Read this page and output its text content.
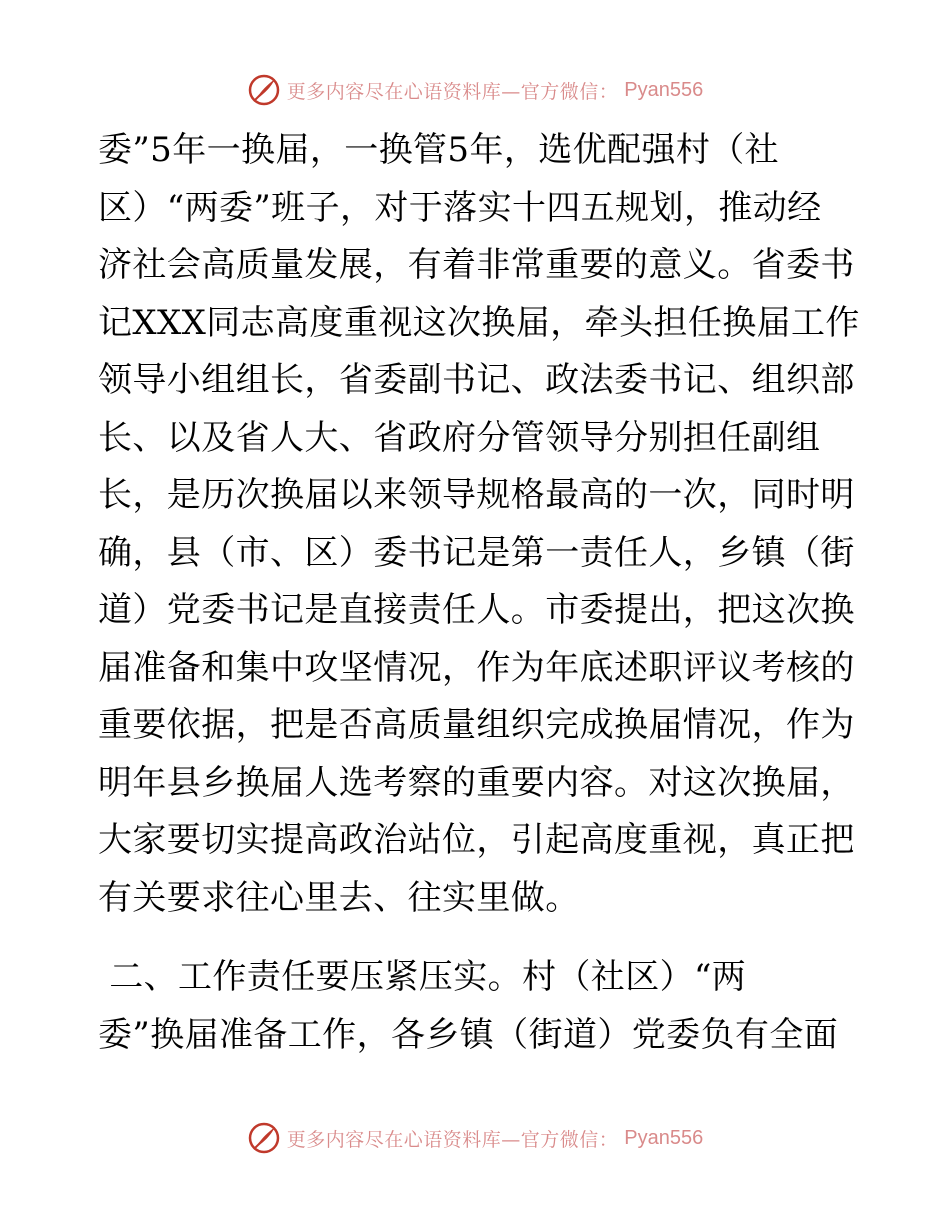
更多内容尽在心语资料库—官方微信： Pyan556
委”5年一换届，一换管5年，选优配强村（社
区）“两委”班子，对于落实十四五规划，推动经
济社会高质量发展，有着非常重要的意义。省委书
记XXX同志高度重视这次换届，牵头担任换届工作
领导小组组长，省委副书记、政法委书记、组织部
长、以及省人大、省政府分管领导分别担任副组
长，是历次换届以来领导规格最高的一次，同时明
确，县（市、区）委书记是第一责任人，乡镇（街
道）党委书记是直接责任人。市委提出，把这次换
届准备和集中攻坚情况，作为年底述职评议考核的
重要依据，把是否高质量组织完成换届情况，作为
明年县乡换届人选考察的重要内容。对这次换届，
大家要切实提高政治站位，引起高度重视，真正把
有关要求往心里去、往实里做。
二、工作责任要压紧压实。村（社区）“两
委”换届准备工作，各乡镇（街道）党委负有全面
更多内容尽在心语资料库—官方微信： Pyan556
